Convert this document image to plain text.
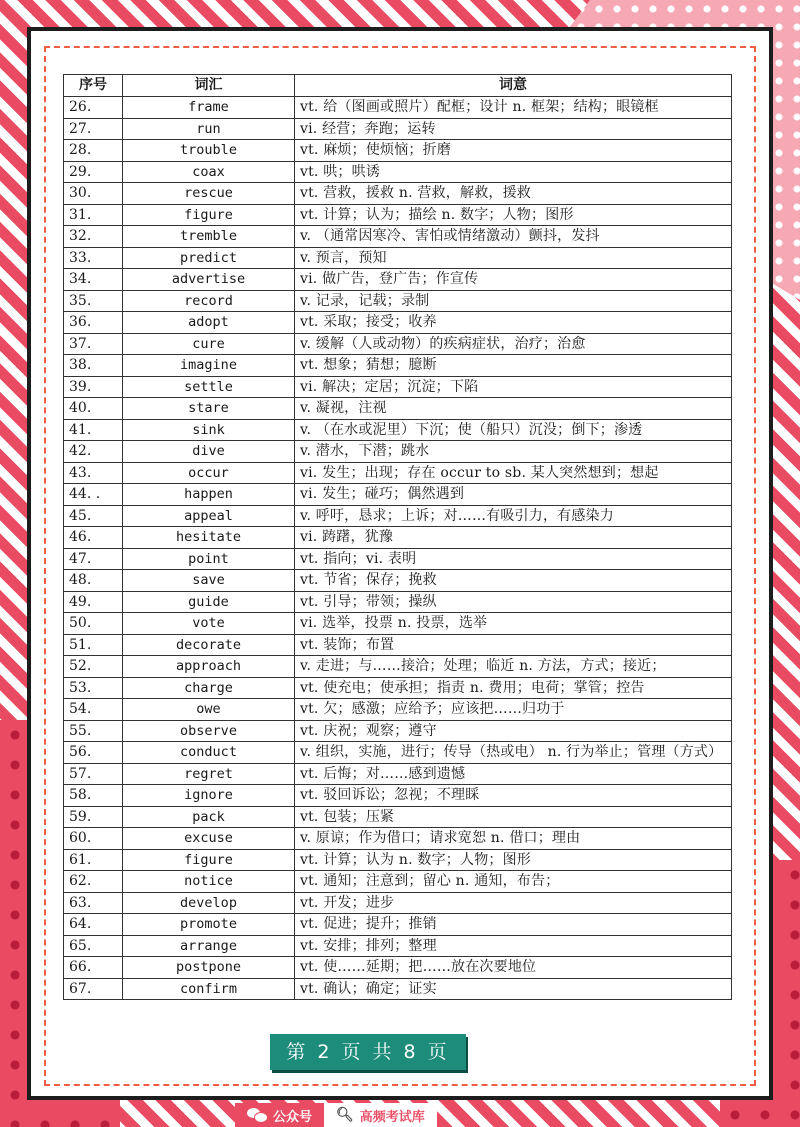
序号	词汇	词意
26.	frame	vt. 给（图画或照片）配框；设计 n. 框架；结构；眼镜框
27.	run	vi. 经营；奔跑；运转
28.	trouble	vt. 麻烦；使烦恼；折磨
29.	coax	vt. 哄；哄诱
30.	rescue	vt. 营救，援救 n. 营救，解救，援救
31.	figure	vt. 计算；认为；描绘 n. 数字；人物；图形
32.	tremble	v. （通常因寒冷、害怕或情绪激动）颤抖，发抖
33.	predict	v. 预言，预知
34.	advertise	vi. 做广告，登广告；作宣传
35.	record	v. 记录，记载；录制
36.	adopt	vt. 采取；接受；收养
37.	cure	v. 缓解（人或动物）的疾病症状，治疗；治愈
38.	imagine	vt. 想象；猜想；臆断
39.	settle	vi. 解决；定居；沉淀；下陷
40.	stare	v. 凝视，注视
41.	sink	v. （在水或泥里）下沉；使（船只）沉没；倒下；渗透
42.	dive	v. 潜水，下潜；跳水
43.	occur	vi. 发生；出现；存在 occur to sb. 某人突然想到；想起
44. .	happen	vi. 发生；碰巧；偶然遇到
45.	appeal	v. 呼吁，恳求；上诉；对……有吸引力，有感染力
46.	hesitate	vi. 踌躇，犹豫
47.	point	vt. 指向；vi. 表明
48.	save	vt. 节省；保存；挽救
49.	guide	vt. 引导；带领；操纵
50.	vote	vi. 选举，投票 n. 投票，选举
51.	decorate	vt. 装饰；布置
52.	approach	v. 走进；与……接洽；处理；临近 n. 方法，方式；接近；
53.	charge	vt. 使充电；使承担；指责 n. 费用；电荷；掌管；控告
54.	owe	vt. 欠；感激；应给予；应该把……归功于
55.	observe	vt. 庆祝；观察；遵守
56.	conduct	v. 组织，实施，进行；传导（热或电） n. 行为举止；管理（方式）
57.	regret	vt. 后悔；对……感到遗憾
58.	ignore	vt. 驳回诉讼；忽视；不理睬
59.	pack	vt. 包装；压紧
60.	excuse	v. 原谅；作为借口；请求宽恕 n. 借口；理由
61.	figure	vt. 计算；认为 n. 数字；人物；图形
62.	notice	vt. 通知；注意到；留心 n. 通知，布告；
63.	develop	vt. 开发；进步
64.	promote	vt. 促进；提升；推销
65.	arrange	vt. 安排；排列；整理
66.	postpone	vt. 使……延期；把……放在次要地位
67.	confirm	vt. 确认；确定；证实
第 2 页 共 8 页
公众号 🔍︎ 高频考试库
